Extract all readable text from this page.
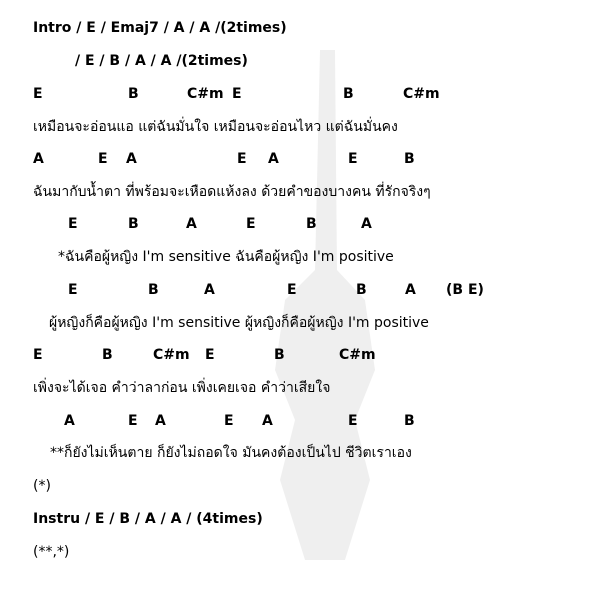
Intro / E / Emaj7 / A / A /(2times)
/ E / B / A / A /(2times)
E	B	C#m E	B	C#m
เหมือนจะอ่อนแอ แต่ฉันมั่นใจ เหมือนจะอ่อนไหว แต่ฉันมั่นคง
A	E A	E A	E	B
ฉันมากับน้ำตา ที่พร้อมจะเหือดแห้งลง ด้วยคำของบางคน ที่รักจริงๆ
E	B	A	E	B	A
*ฉันคือผู้หญิง I'm sensitive ฉันคือผู้หญิง I'm positive
E	B	A	E	B	A (B E)
ผู้หญิงก็คือผู้หญิง I'm sensitive ผู้หญิงก็คือผู้หญิง I'm positive
E	B	C#m E	B	C#m
เพิ่งจะได้เจอ คำว่าลาก่อน เพิ่งเคยเจอ คำว่าเสียใจ
A	E A	E A	E	B
**ก็ยังไม่เห็นตาย ก็ยังไม่ถอดใจ มันคงต้องเป็นไป ชีวิตเราเอง
(*)
Instru / E / B / A / A / (4times)
(**,*)
